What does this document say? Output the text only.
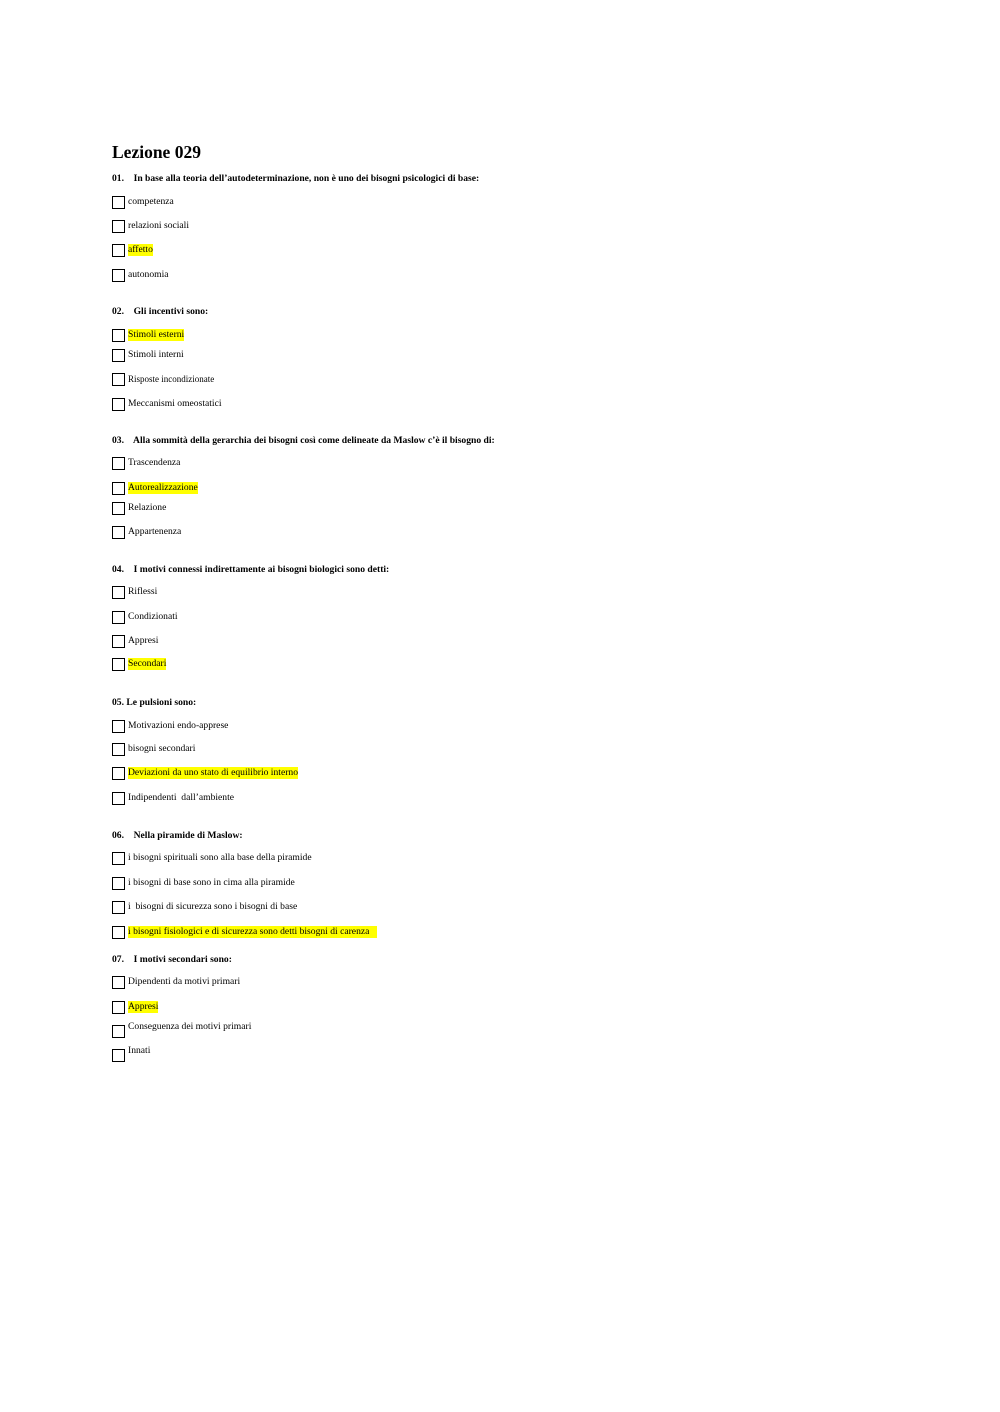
Lezione 029
01.    In base alla teoria dell’autodeterminazione, non è uno dei bisogni psicologici di base:
competenza
relazioni sociali
affetto
autonomia
02.    Gli incentivi sono:
Stimoli esterni
Stimoli interni
Risposte incondizionate
Meccanismi omeostatici
03.    Alla sommità della gerarchia dei bisogni così come delineate da Maslow c’è il bisogno di:
Trascendenza
Autorealizzazione
Relazione
Appartenenza
04.    I motivi connessi indirettamente ai bisogni biologici sono detti:
Riflessi
Condizionati
Appresi
Secondari
05. Le pulsioni sono:
Motivazioni endo-apprese
bisogni secondari
Deviazioni da uno stato di equilibrio interno
Indipendenti  dall’ambiente
06.    Nella piramide di Maslow:
i bisogni spirituali sono alla base della piramide
i bisogni di base sono in cima alla piramide
i  bisogni di sicurezza sono i bisogni di base
i bisogni fisiologici e di sicurezza sono detti bisogni di carenza
07.    I motivi secondari sono:
Dipendenti da motivi primari
Appresi
Conseguenza dei motivi primari
Innati
